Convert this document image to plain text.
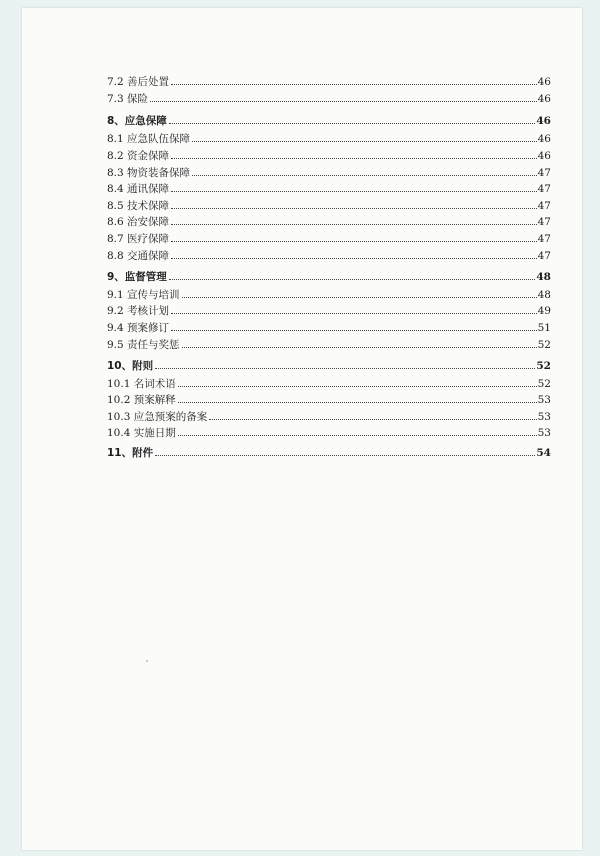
7.2 善后处置	46
7.3 保险	46
8、应急保障	46
8.1 应急队伍保障	46
8.2 资金保障	46
8.3 物资装备保障	47
8.4 通讯保障	47
8.5 技术保障	47
8.6 治安保障	47
8.7 医疗保障	47
8.8 交通保障	47
9、监督管理	48
9.1 宣传与培训	48
9.2 考核计划	49
9.4 预案修订	51
9.5 责任与奖惩	52
10、附则	52
10.1 名词术语	52
10.2 预案解释	53
10.3 应急预案的备案	53
10.4 实施日期	53
11、附件	54
